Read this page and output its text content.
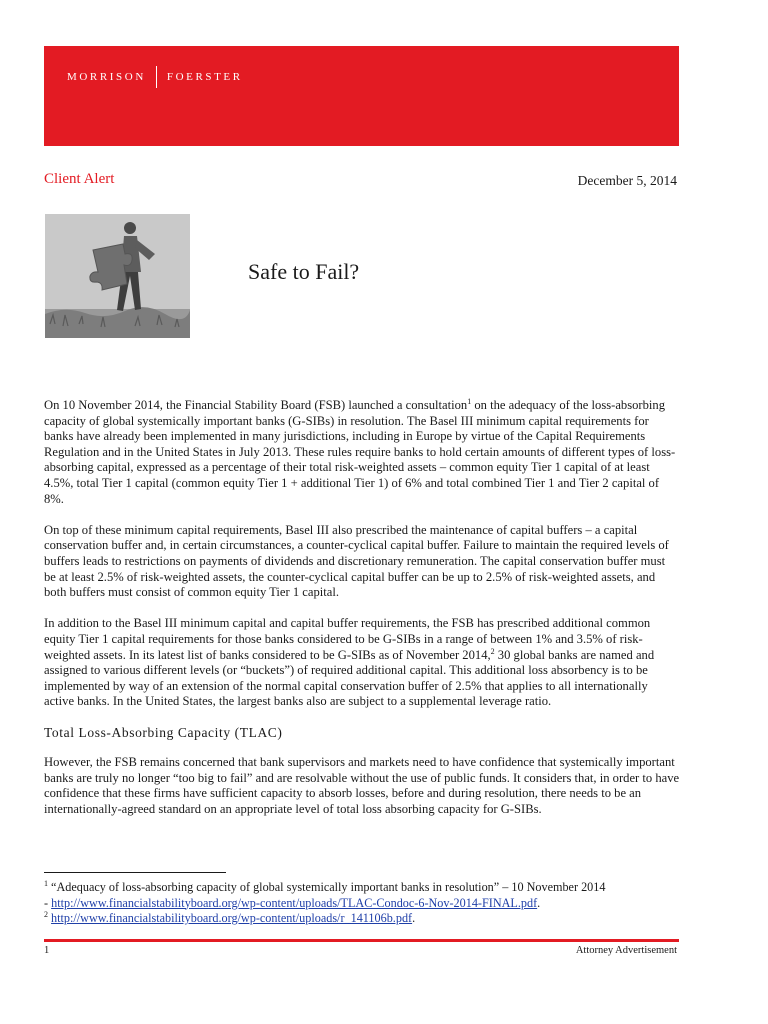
MORRISON FOERSTER
Client Alert	December 5, 2014
Safe to Fail?

On 10 November 2014, the Financial Stability Board (FSB) launched a consultation$^1$ on the adequacy of the loss-absorbing capacity of global systemically important banks (G-SIBs) in resolution. The Basel III minimum capital requirements for banks have already been implemented in many jurisdictions, including in Europe by virtue of the Capital Requirements Regulation and in the United States in July 2013. These rules require banks to hold certain amounts of different types of loss-absorbing capital, expressed as a percentage of their total risk-weighted assets – common equity Tier 1 capital of at least 4.5%, total Tier 1 capital (common equity Tier 1 + additional Tier 1) of 6% and total combined Tier 1 and Tier 2 capital of 8%.

On top of these minimum capital requirements, Basel III also prescribed the maintenance of capital buffers – a capital conservation buffer and, in certain circumstances, a counter-cyclical capital buffer. Failure to maintain the required levels of buffers leads to restrictions on payments of dividends and discretionary remuneration. The capital conservation buffer must be at least 2.5% of risk-weighted assets, the counter-cyclical capital buffer can be up to 2.5% of risk-weighted assets, and both buffers must consist of common equity Tier 1 capital.

In addition to the Basel III minimum capital and capital buffer requirements, the FSB has prescribed additional common equity Tier 1 capital requirements for those banks considered to be G-SIBs in a range of between 1% and 3.5% of risk-weighted assets. In its latest list of banks considered to be G-SIBs as of November 2014,$^2$ 30 global banks are named and assigned to various different levels (or “buckets”) of required additional capital. This additional loss absorbency is to be implemented by way of an extension of the normal capital conservation buffer of 2.5% that applies to all internationally active banks. In the United States, the largest banks also are subject to a supplemental leverage ratio.

Total Loss-Absorbing Capacity (TLAC)

However, the FSB remains concerned that bank supervisors and markets need to have confidence that systemically important banks are truly no longer “too big to fail” and are resolvable without the use of public funds. It considers that, in order to have confidence that these firms have sufficient capacity to absorb losses, before and during resolution, there needs to be an internationally-agreed standard on an appropriate level of total loss absorbing capacity for G-SIBs.

$^1$ “Adequacy of loss-absorbing capacity of global systemically important banks in resolution” – 10 November 2014
- http://www.financialstabilityboard.org/wp-content/uploads/TLAC-Condoc-6-Nov-2014-FINAL.pdf.
$^2$ http://www.financialstabilityboard.org/wp-content/uploads/r_141106b.pdf.
1	Attorney Advertisement
